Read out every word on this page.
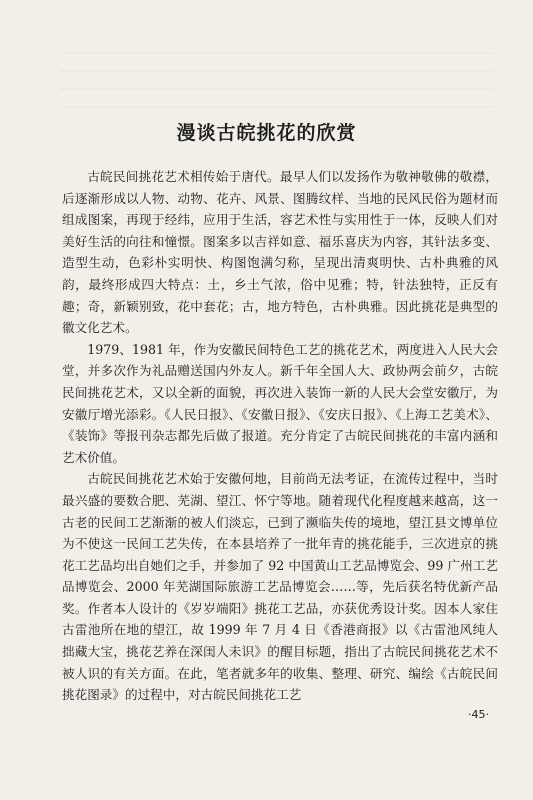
漫谈古皖挑花的欣赏

古皖民间挑花艺术相传始于唐代。最早人们以发扬作为敬神敬佛的敬襟，后逐渐形成以人物、动物、花卉、风景、图腾纹样、当地的民风民俗为题材而组成图案，再现于经纬，应用于生活，容艺术性与实用性于一体，反映人们对美好生活的向往和憧憬。图案多以吉祥如意、福乐喜庆为内容，其针法多变、造型生动，色彩朴实明快、构图饱满匀称，呈现出清爽明快、古朴典雅的风韵，最终形成四大特点：土，乡土气浓，俗中见雅；特，针法独特，正反有趣；奇，新颖别致，花中套花；古，地方特色，古朴典雅。因此挑花是典型的徽文化艺术。

1979、1981 年，作为安徽民间特色工艺的挑花艺术，两度进入人民大会堂，并多次作为礼品赠送国内外友人。新千年全国人大、政协两会前夕，古皖民间挑花艺术，又以全新的面貌，再次进入装饰一新的人民大会堂安徽厅，为安徽厅增光添彩。《人民日报》、《安徽日报》、《安庆日报》、《上海工艺美术》、《装饰》等报刊杂志都先后做了报道。充分肯定了古皖民间挑花的丰富内涵和艺术价值。

古皖民间挑花艺术始于安徽何地，目前尚无法考证，在流传过程中，当时最兴盛的要数合肥、芜湖、望江、怀宁等地。随着现代化程度越来越高，这一古老的民间工艺渐渐的被人们淡忘，已到了濒临失传的境地，望江县文博单位为不使这一民间工艺失传，在本县培养了一批年青的挑花能手，三次进京的挑花工艺品均出自她们之手，并参加了 92 中国黄山工艺品博览会、99 广州工艺品博览会、2000 年芜湖国际旅游工艺品博览会……等，先后获名特优新产品奖。作者本人设计的《岁岁端阳》挑花工艺品，亦获优秀设计奖。因本人家住古雷池所在地的望江，故 1999 年 7 月 4 日《香港商报》以《古雷池风纯人拙藏大宝，挑花艺养在深闺人未识》的醒目标题，指出了古皖民间挑花艺术不被人识的有关方面。在此，笔者就多年的收集、整理、研究、编绘《古皖民间挑花图录》的过程中，对古皖民间挑花工艺

·45·
